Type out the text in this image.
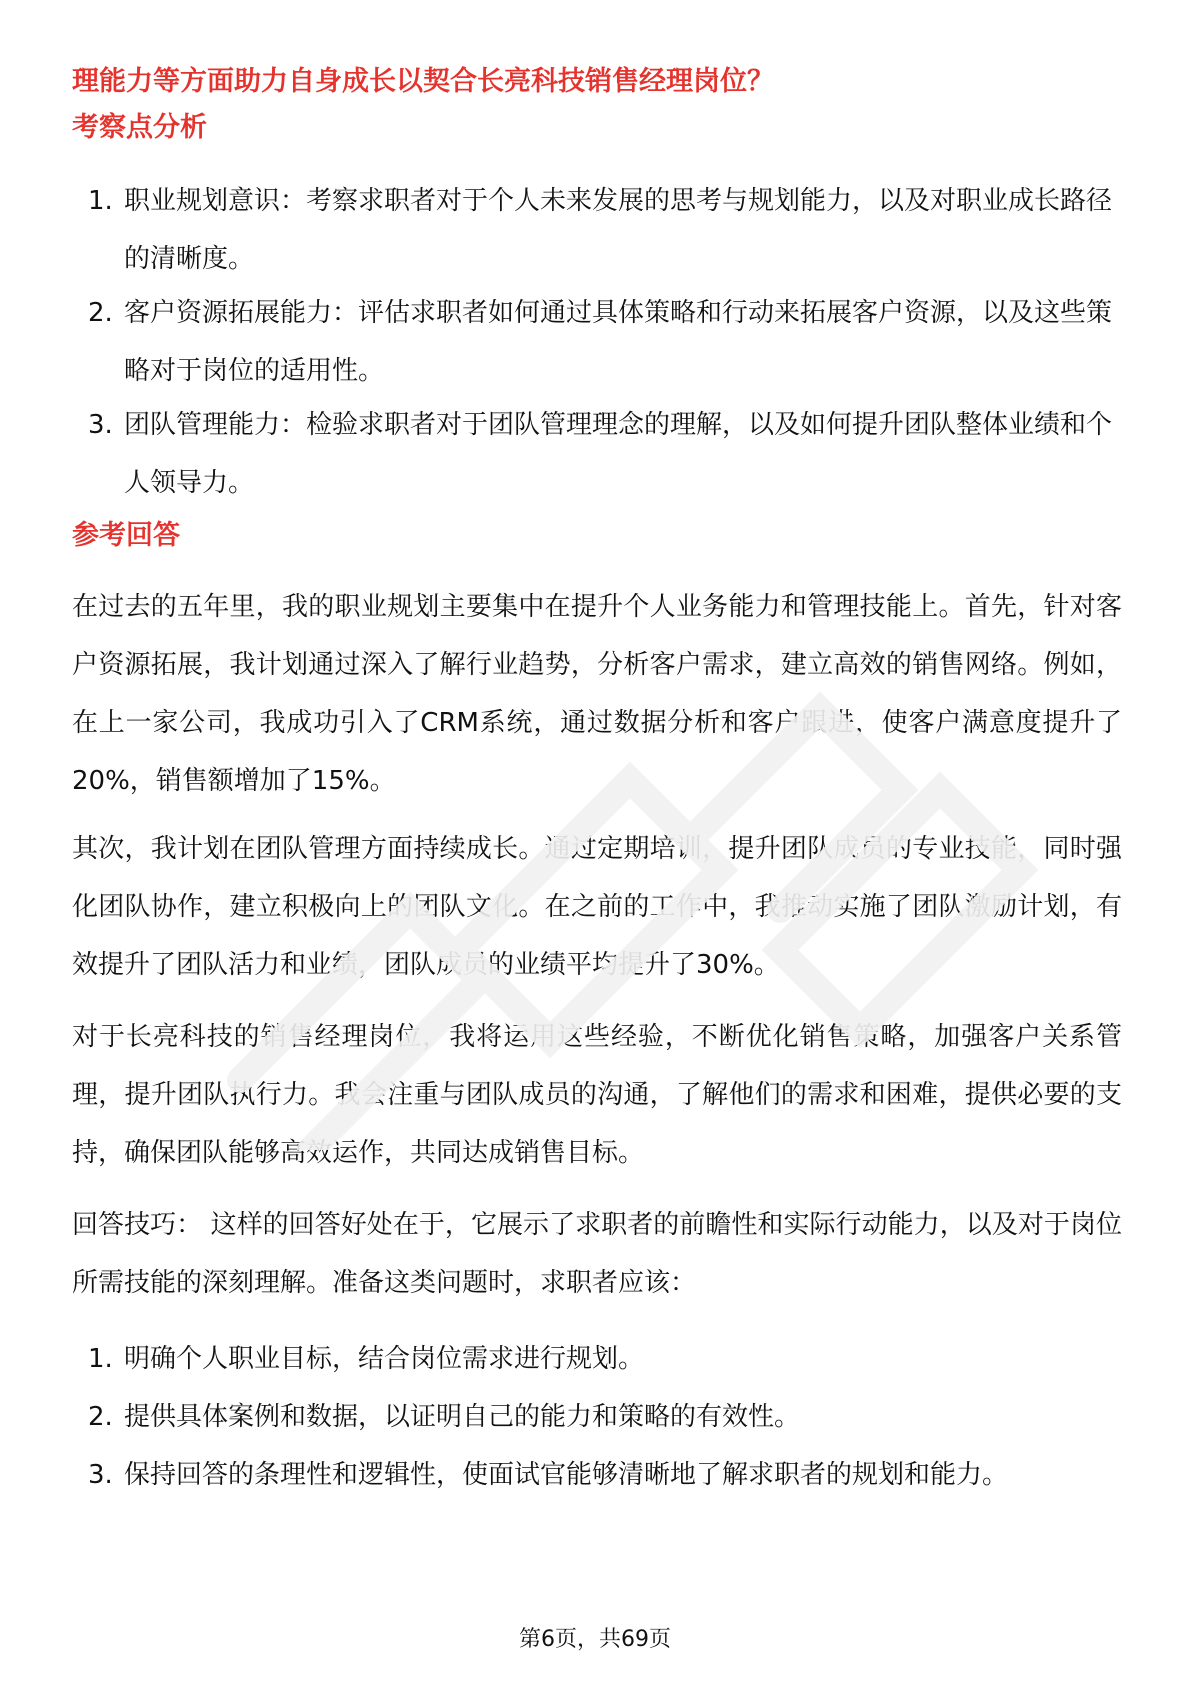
理能力等方面助力自身成长以契合长亮科技销售经理岗位？
考察点分析
1. 职业规划意识：考察求职者对于个人未来发展的思考与规划能力，以及对职业成长路径的清晰度。
2. 客户资源拓展能力：评估求职者如何通过具体策略和行动来拓展客户资源，以及这些策略对于岗位的适用性。
3. 团队管理能力：检验求职者对于团队管理理念的理解，以及如何提升团队整体业绩和个人领导力。
参考回答

在过去的五年里，我的职业规划主要集中在提升个人业务能力和管理技能上。首先，针对客户资源拓展，我计划通过深入了解行业趋势，分析客户需求，建立高效的销售网络。例如，在上一家公司，我成功引入了CRM系统，通过数据分析和客户跟进，使客户满意度提升了20%，销售额增加了15%。

其次，我计划在团队管理方面持续成长。通过定期培训，提升团队成员的专业技能，同时强化团队协作，建立积极向上的团队文化。在之前的工作中，我推动实施了团队激励计划，有效提升了团队活力和业绩，团队成员的业绩平均提升了30%。

对于长亮科技的销售经理岗位，我将运用这些经验，不断优化销售策略，加强客户关系管理，提升团队执行力。我会注重与团队成员的沟通，了解他们的需求和困难，提供必要的支持，确保团队能够高效运作，共同达成销售目标。

回答技巧： 这样的回答好处在于，它展示了求职者的前瞻性和实际行动能力，以及对于岗位所需技能的深刻理解。准备这类问题时，求职者应该：

1. 明确个人职业目标，结合岗位需求进行规划。
2. 提供具体案例和数据，以证明自己的能力和策略的有效性。
3. 保持回答的条理性和逻辑性，使面试官能够清晰地了解求职者的规划和能力。
第6页，共69页
